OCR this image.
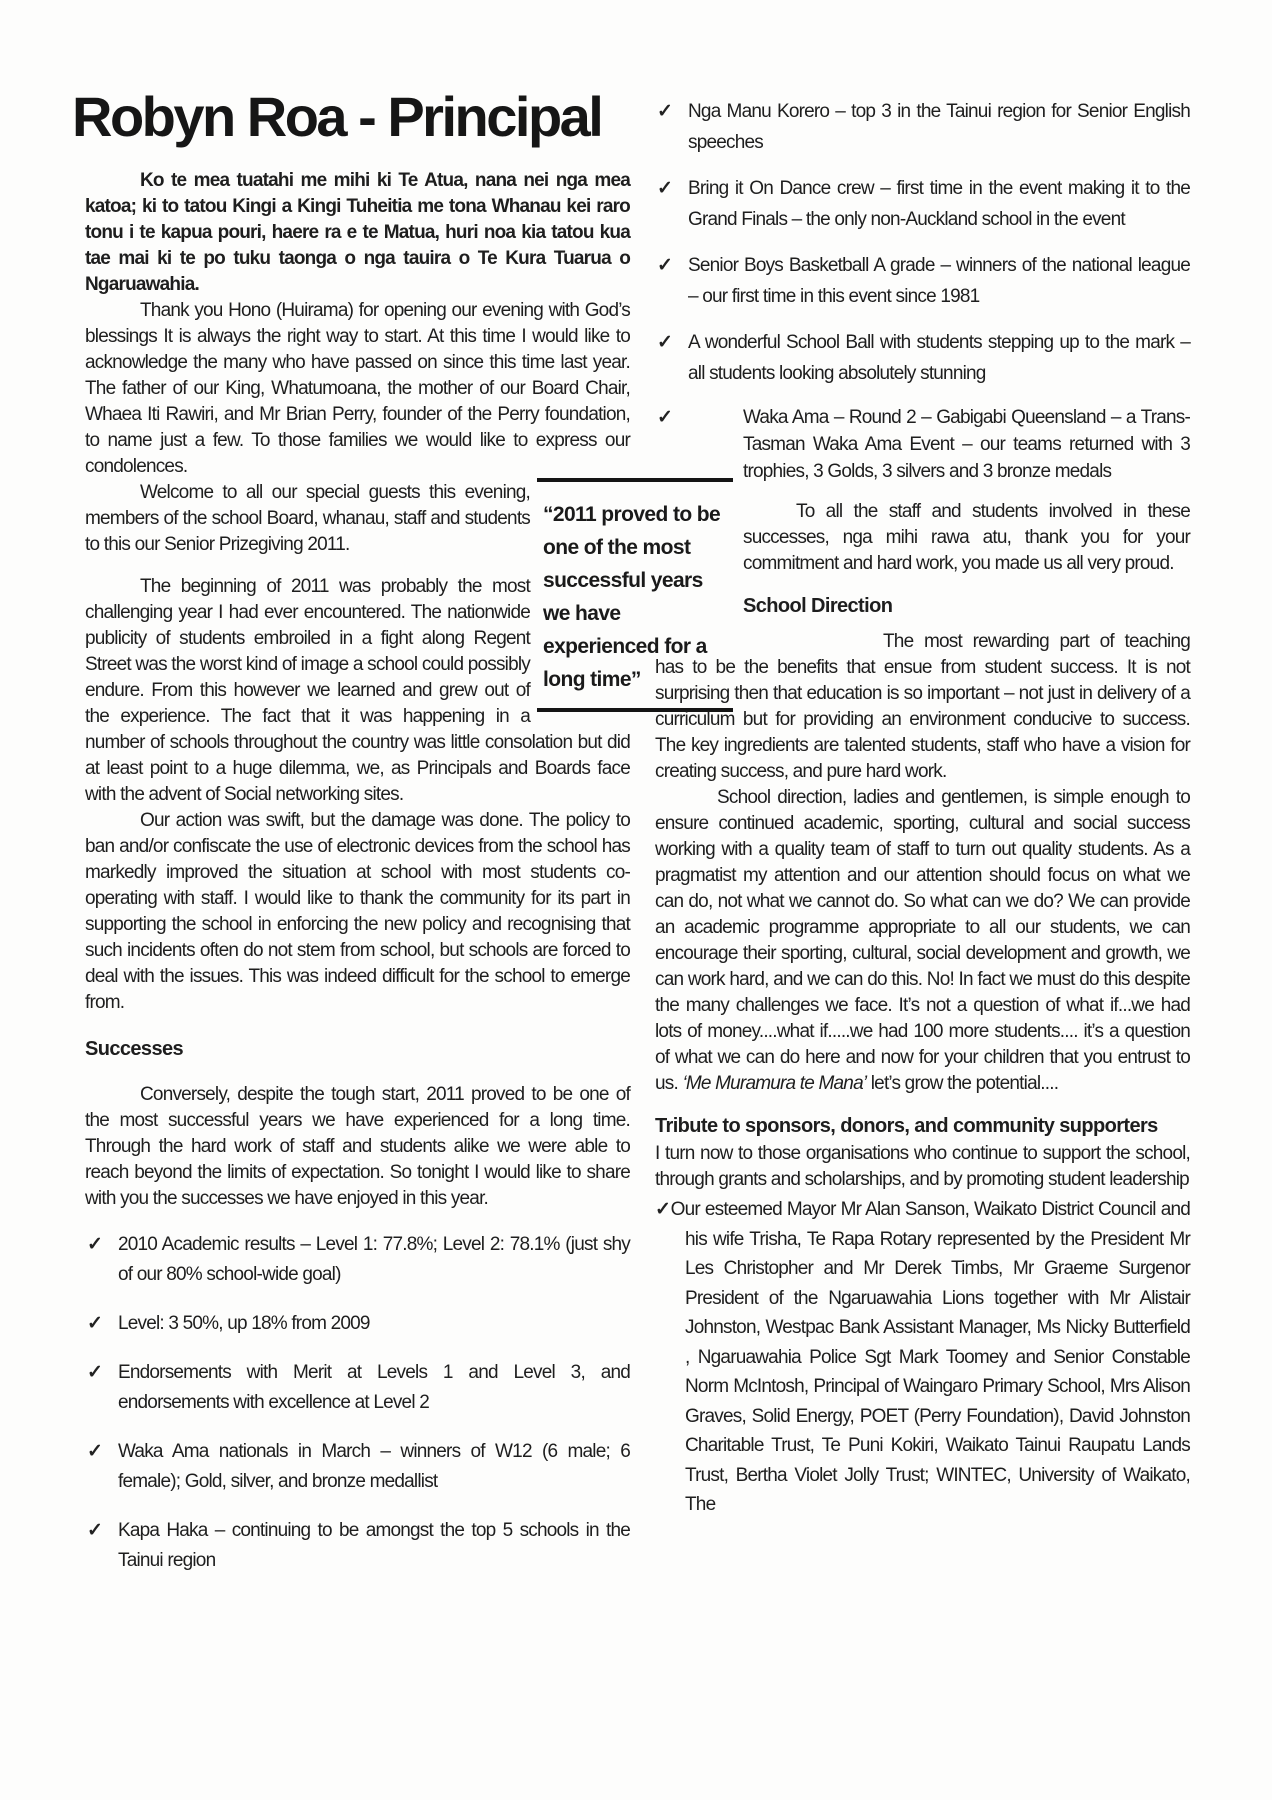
Robyn Roa - Principal

Ko te mea tuatahi me mihi ki Te Atua, nana nei nga mea katoa; ki to tatou Kingi a Kingi Tuheitia me tona Whanau kei raro tonu i te kapua pouri, haere ra e te Matua, huri noa kia tatou kua tae mai ki te po tuku taonga o nga tauira o Te Kura Tuarua o Ngaruawahia.

Thank you Hono (Huirama) for opening our evening with God’s blessings It is always the right way to start. At this time I would like to acknowledge the many who have passed on since this time last year. The father of our King, Whatumoana, the mother of our Board Chair, Whaea Iti Rawiri, and Mr Brian Perry, founder of the Perry foundation, to name just a few. To those families we would like to express our condolences.

Welcome to all our special guests this evening, members of the school Board, whanau, staff and students to this our Senior Prizegiving 2011.

The beginning of 2011 was probably the most challenging year I had ever encountered. The nationwide publicity of students embroiled in a fight along Regent Street was the worst kind of image a school could possibly endure. From this however we learned and grew out of the experience. The fact that it was happening in a number of schools throughout the country was little consolation but did at least point to a huge dilemma, we, as Principals and Boards face with the advent of Social networking sites.

Our action was swift, but the damage was done. The policy to ban and/or confiscate the use of electronic devices from the school has markedly improved the situation at school with most students co-operating with staff. I would like to thank the community for its part in supporting the school in enforcing the new policy and recognising that such incidents often do not stem from school, but schools are forced to deal with the issues. This was indeed difficult for the school to emerge from.

Successes

Conversely, despite the tough start, 2011 proved to be one of the most successful years we have experienced for a long time. Through the hard work of staff and students alike we were able to reach beyond the limits of expectation. So tonight I would like to share with you the successes we have enjoyed in this year.

✓ 2010 Academic results – Level 1: 77.8%; Level 2: 78.1% (just shy of our 80% school-wide goal)
✓ Level: 3 50%, up 18% from 2009
✓ Endorsements with Merit at Levels 1 and Level 3, and endorsements with excellence at Level 2
✓ Waka Ama nationals in March – winners of W12 (6 male; 6 female); Gold, silver, and bronze medallist
✓ Kapa Haka – continuing to be amongst the top 5 schools in the Tainui region
“2011 proved to be one of the most successful years we have experienced for a long time”
✓ Nga Manu Korero – top 3 in the Tainui region for Senior English speeches
✓ Bring it On Dance crew – first time in the event making it to the Grand Finals – the only non-Auckland school in the event
✓ Senior Boys Basketball A grade – winners of the national league – our first time in this event since 1981
✓ A wonderful School Ball with students stepping up to the mark – all students looking absolutely stunning
✓	Waka Ama – Round 2 – Gabigabi Queensland – a Trans-Tasman Waka Ama Event – our teams returned with 3 trophies, 3 Golds, 3 silvers and 3 bronze medals

To all the staff and students involved in these successes, nga mihi rawa atu, thank you for your commitment and hard work, you made us all very proud.

School Direction

The most rewarding part of teaching has to be the benefits that ensue from student success. It is not surprising then that education is so important – not just in delivery of a curriculum but for providing an environment conducive to success. The key ingredients are talented students, staff who have a vision for creating success, and pure hard work.

School direction, ladies and gentlemen, is simple enough to ensure continued academic, sporting, cultural and social success working with a quality team of staff to turn out quality students. As a pragmatist my attention and our attention should focus on what we can do, not what we cannot do. So what can we do? We can provide an academic programme appropriate to all our students, we can encourage their sporting, cultural, social development and growth, we can work hard, and we can do this. No! In fact we must do this despite the many challenges we face. It’s not a question of what if...we had lots of money....what if.....we had 100 more students.... it’s a question of what we can do here and now for your children that you entrust to us. ‘Me Muramura te Mana’ let’s grow the potential....

Tribute to sponsors, donors, and community supporters

I turn now to those organisations who continue to support the school, through grants and scholarships, and by promoting student leadership

✓Our esteemed Mayor Mr Alan Sanson, Waikato District Council and his wife Trisha, Te Rapa Rotary represented by the President Mr Les Christopher and Mr Derek Timbs, Mr Graeme Surgenor President of the Ngaruawahia Lions together with Mr Alistair Johnston, Westpac Bank Assistant Manager, Ms Nicky Butterfield , Ngaruawahia Police Sgt Mark Toomey and Senior Constable Norm McIntosh, Principal of Waingaro Primary School, Mrs Alison Graves, Solid Energy, POET (Perry Foundation), David Johnston Charitable Trust, Te Puni Kokiri, Waikato Tainui Raupatu Lands Trust, Bertha Violet Jolly Trust; WINTEC, University of Waikato, The
